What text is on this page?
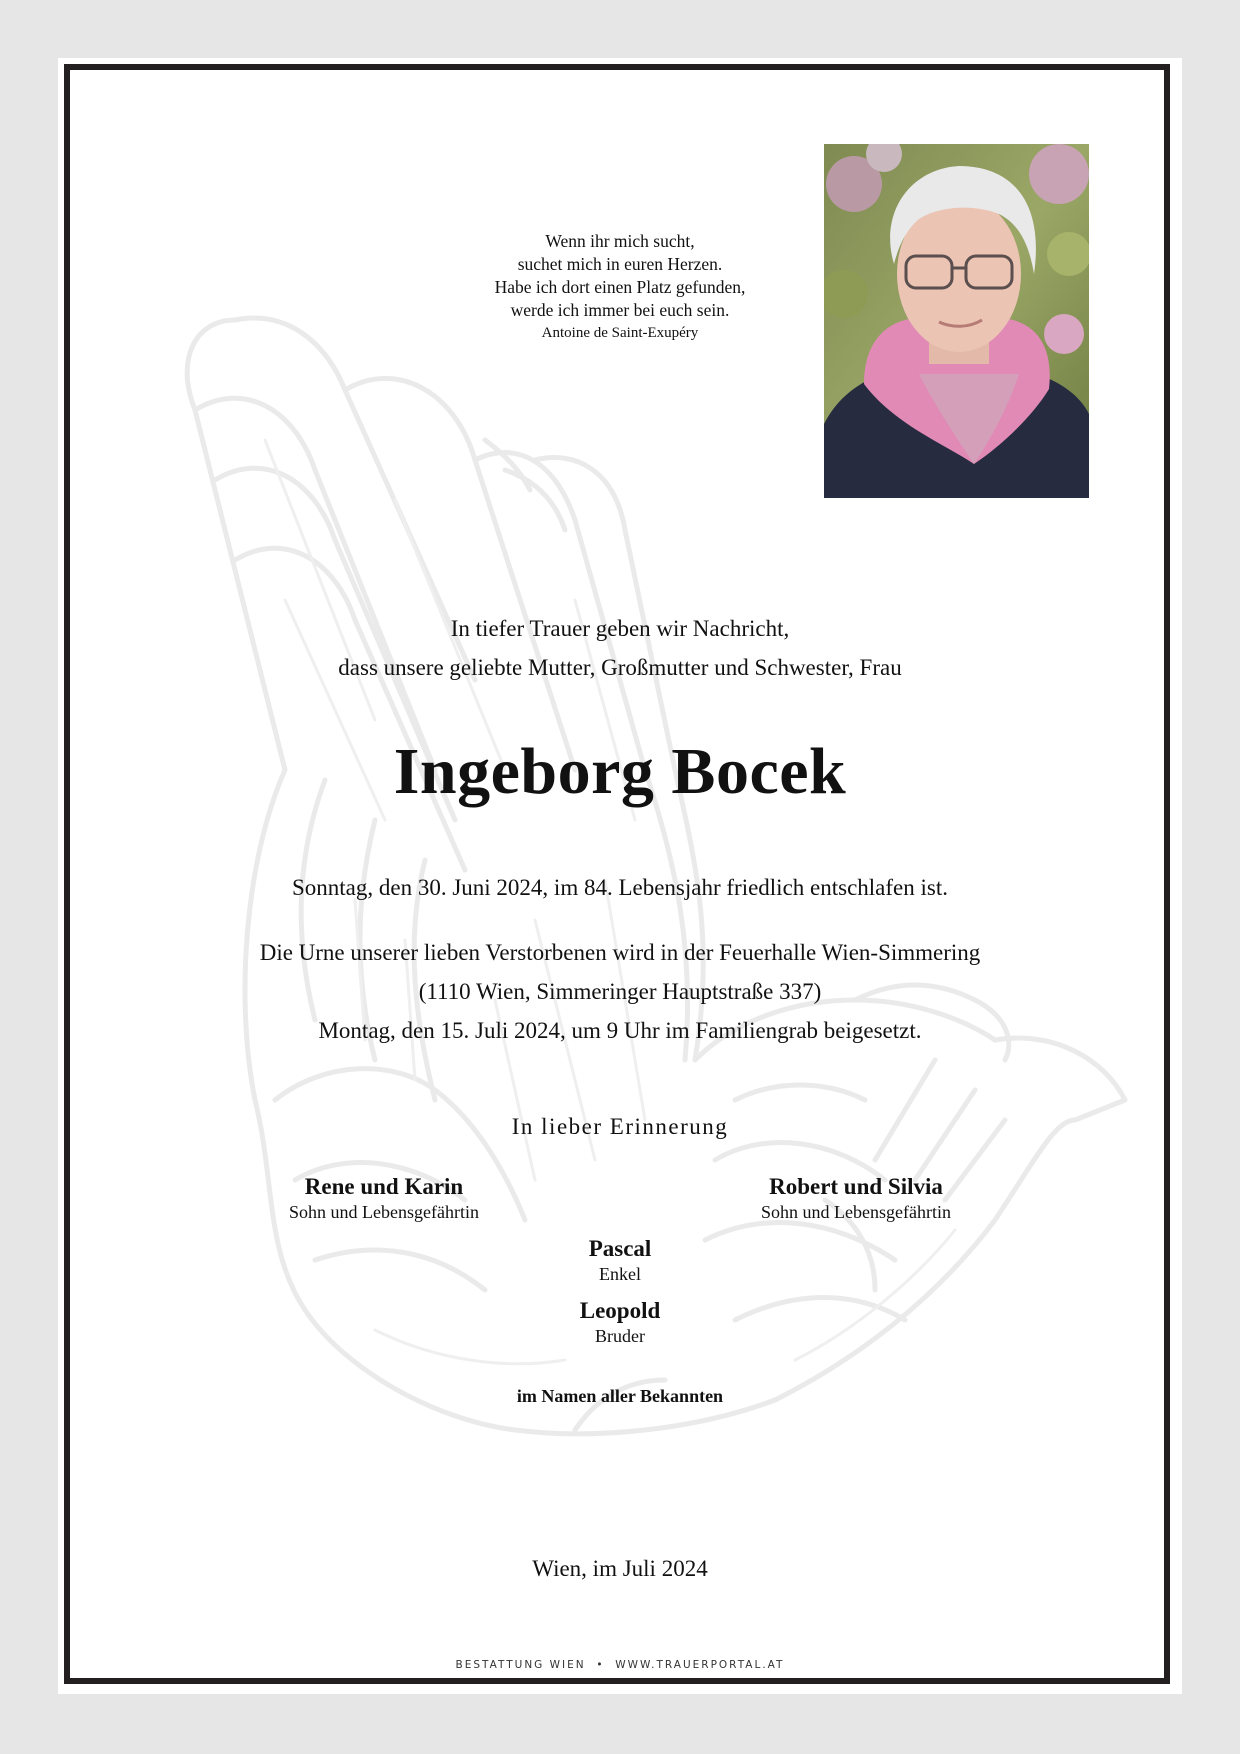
Wenn ihr mich sucht,
suchet mich in euren Herzen.
Habe ich dort einen Platz gefunden,
werde ich immer bei euch sein.
Antoine de Saint-Exupéry
In tiefer Trauer geben wir Nachricht,
dass unsere geliebte Mutter, Großmutter und Schwester, Frau
Ingeborg Bocek
Sonntag, den 30. Juni 2024, im 84. Lebensjahr friedlich entschlafen ist.
Die Urne unserer lieben Verstorbenen wird in der Feuerhalle Wien-Simmering
(1110 Wien, Simmeringer Hauptstraße 337)
Montag, den 15. Juli 2024, um 9 Uhr im Familiengrab beigesetzt.
In lieber Erinnerung
Rene und Karin
Sohn und Lebensgefährtin
Robert und Silvia
Sohn und Lebensgefährtin
Pascal
Enkel
Leopold
Bruder
im Namen aller Bekannten
Wien, im Juli 2024
BESTATTUNG WIEN • WWW.TRAUERPORTAL.AT
